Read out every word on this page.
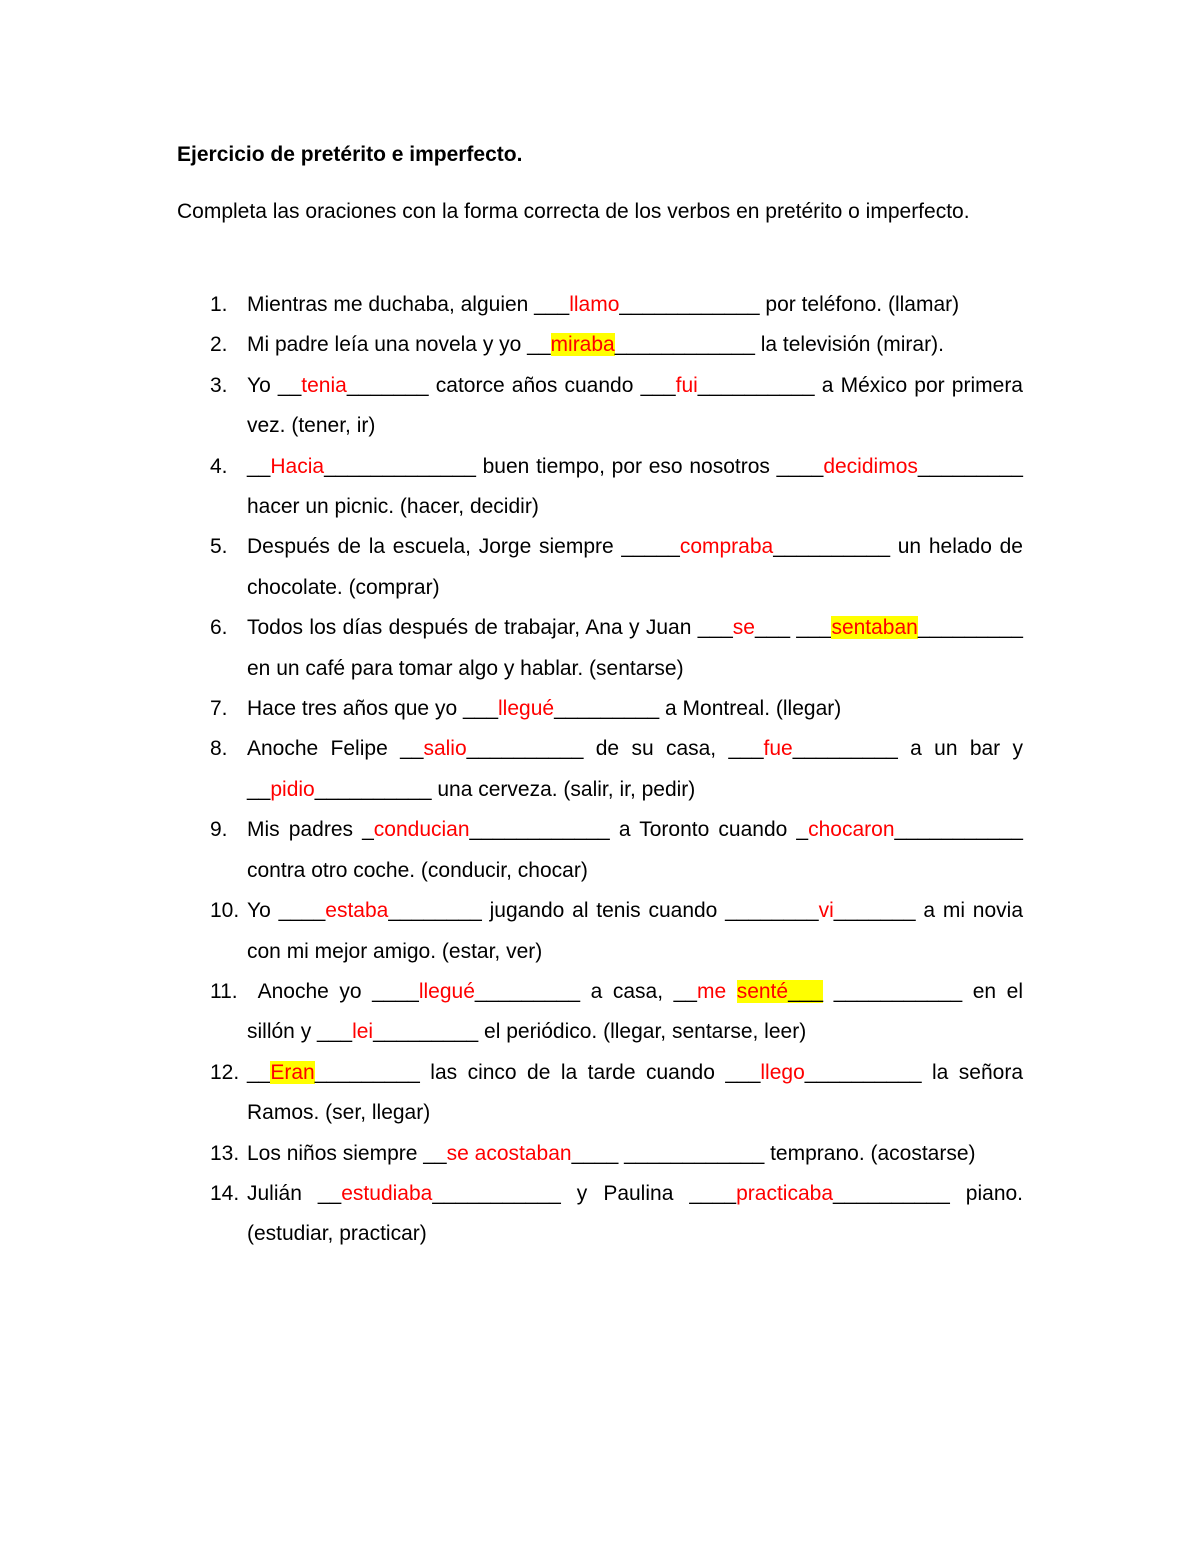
Ejercicio de pretérito e imperfecto.

Completa las oraciones con la forma correcta de los verbos en pretérito o imperfecto.

1. Mientras me duchaba, alguien ___llamo____________ por teléfono. (llamar)
2. Mi padre leía una novela y yo __miraba____________ la televisión (mirar).
3. Yo __tenia_______ catorce años cuando ___fui__________ a México por primera vez. (tener, ir)
4. __Hacia_____________ buen tiempo, por eso nosotros ____decidimos_________ hacer un picnic. (hacer, decidir)
5. Después de la escuela, Jorge siempre _____compraba__________ un helado de chocolate. (comprar)
6. Todos los días después de trabajar, Ana y Juan ___se___ ___sentaban_________ en un café para tomar algo y hablar. (sentarse)
7. Hace tres años que yo ___llegué_________ a Montreal. (llegar)
8. Anoche Felipe __salio__________ de su casa, ___fue_________ a un bar y __pidio__________ una cerveza. (salir, ir, pedir)
9. Mis padres _conducian____________ a Toronto cuando _chocaron___________ contra otro coche. (conducir, chocar)
10. Yo ____estaba________ jugando al tenis cuando ________vi_______ a mi novia con mi mejor amigo. (estar, ver)
11. Anoche yo ____llegué_________ a casa, __me senté___ ___________ en el sillón y ___lei_________ el periódico. (llegar, sentarse, leer)
12. __Eran_________ las cinco de la tarde cuando ___llego__________ la señora Ramos. (ser, llegar)
13. Los niños siempre __se acostaban____ ____________ temprano. (acostarse)
14. Julián __estudiaba___________ y Paulina ____practicaba__________ piano. (estudiar, practicar)
